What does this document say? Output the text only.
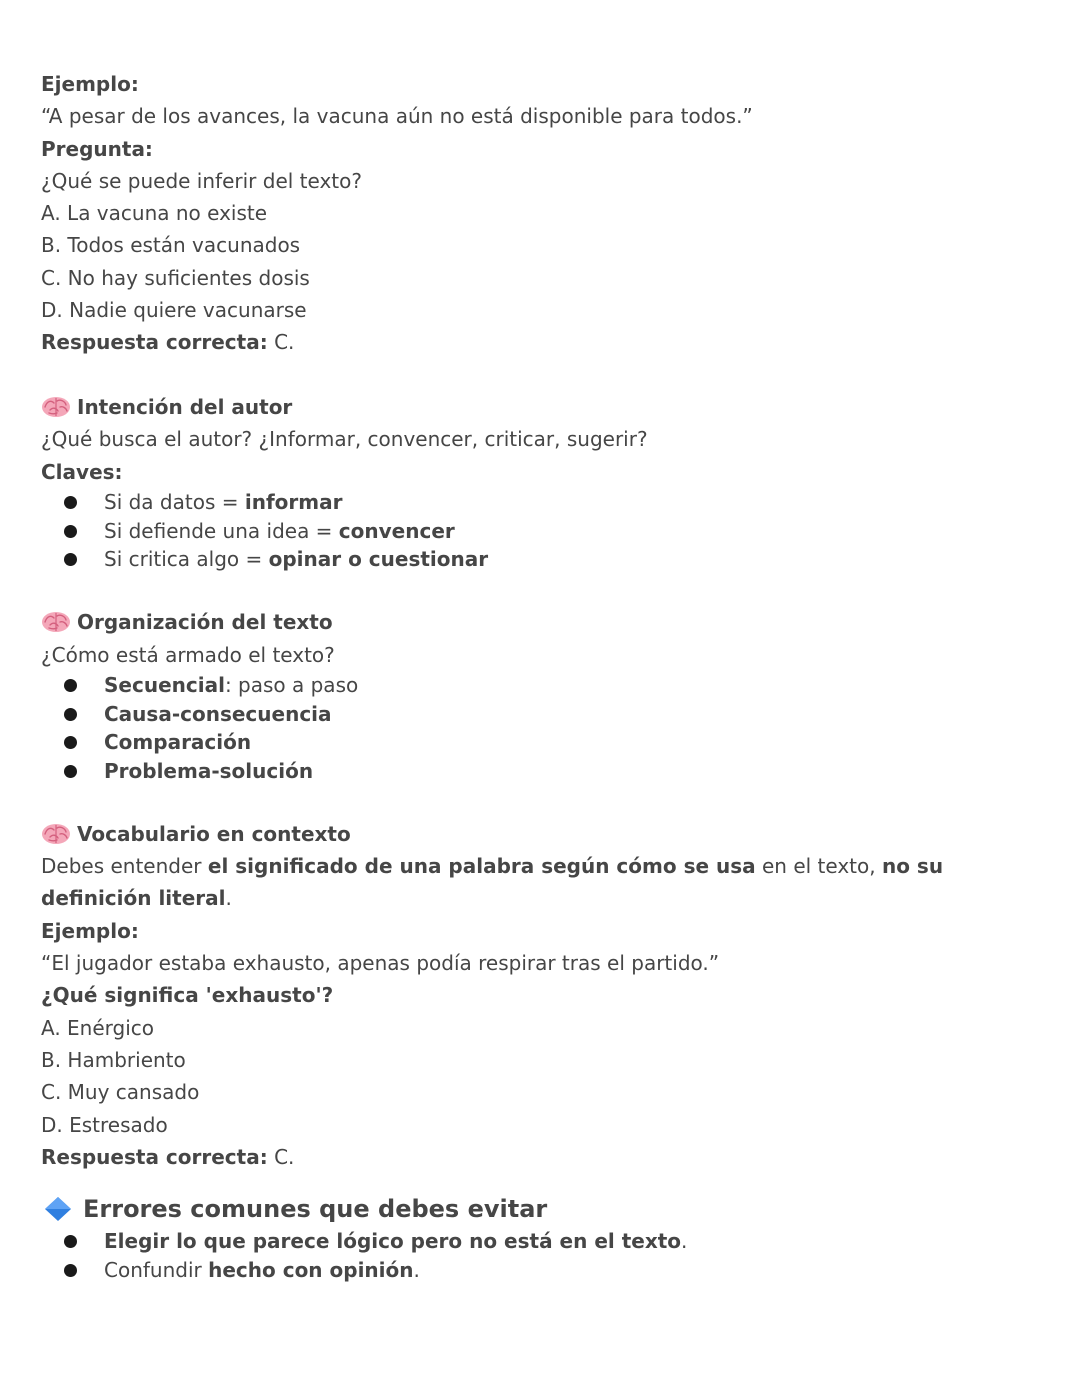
Ejemplo:
“A pesar de los avances, la vacuna aún no está disponible para todos.”
Pregunta:
¿Qué se puede inferir del texto?
A. La vacuna no existe
B. Todos están vacunados
C. No hay suficientes dosis
D. Nadie quiere vacunarse
Respuesta correcta: C.
Intención del autor
¿Qué busca el autor? ¿Informar, convencer, criticar, sugerir?
Claves:
Si da datos = informar
Si defiende una idea = convencer
Si critica algo = opinar o cuestionar
Organización del texto
¿Cómo está armado el texto?
Secuencial: paso a paso
Causa-consecuencia
Comparación
Problema-solución
Vocabulario en contexto
Debes entender el significado de una palabra según cómo se usa en el texto, no su definición literal.
Ejemplo:
“El jugador estaba exhausto, apenas podía respirar tras el partido.”
¿Qué significa 'exhausto'?
A. Enérgico
B. Hambriento
C. Muy cansado
D. Estresado
Respuesta correcta: C.
Errores comunes que debes evitar
Elegir lo que parece lógico pero no está en el texto.
Confundir hecho con opinión.
